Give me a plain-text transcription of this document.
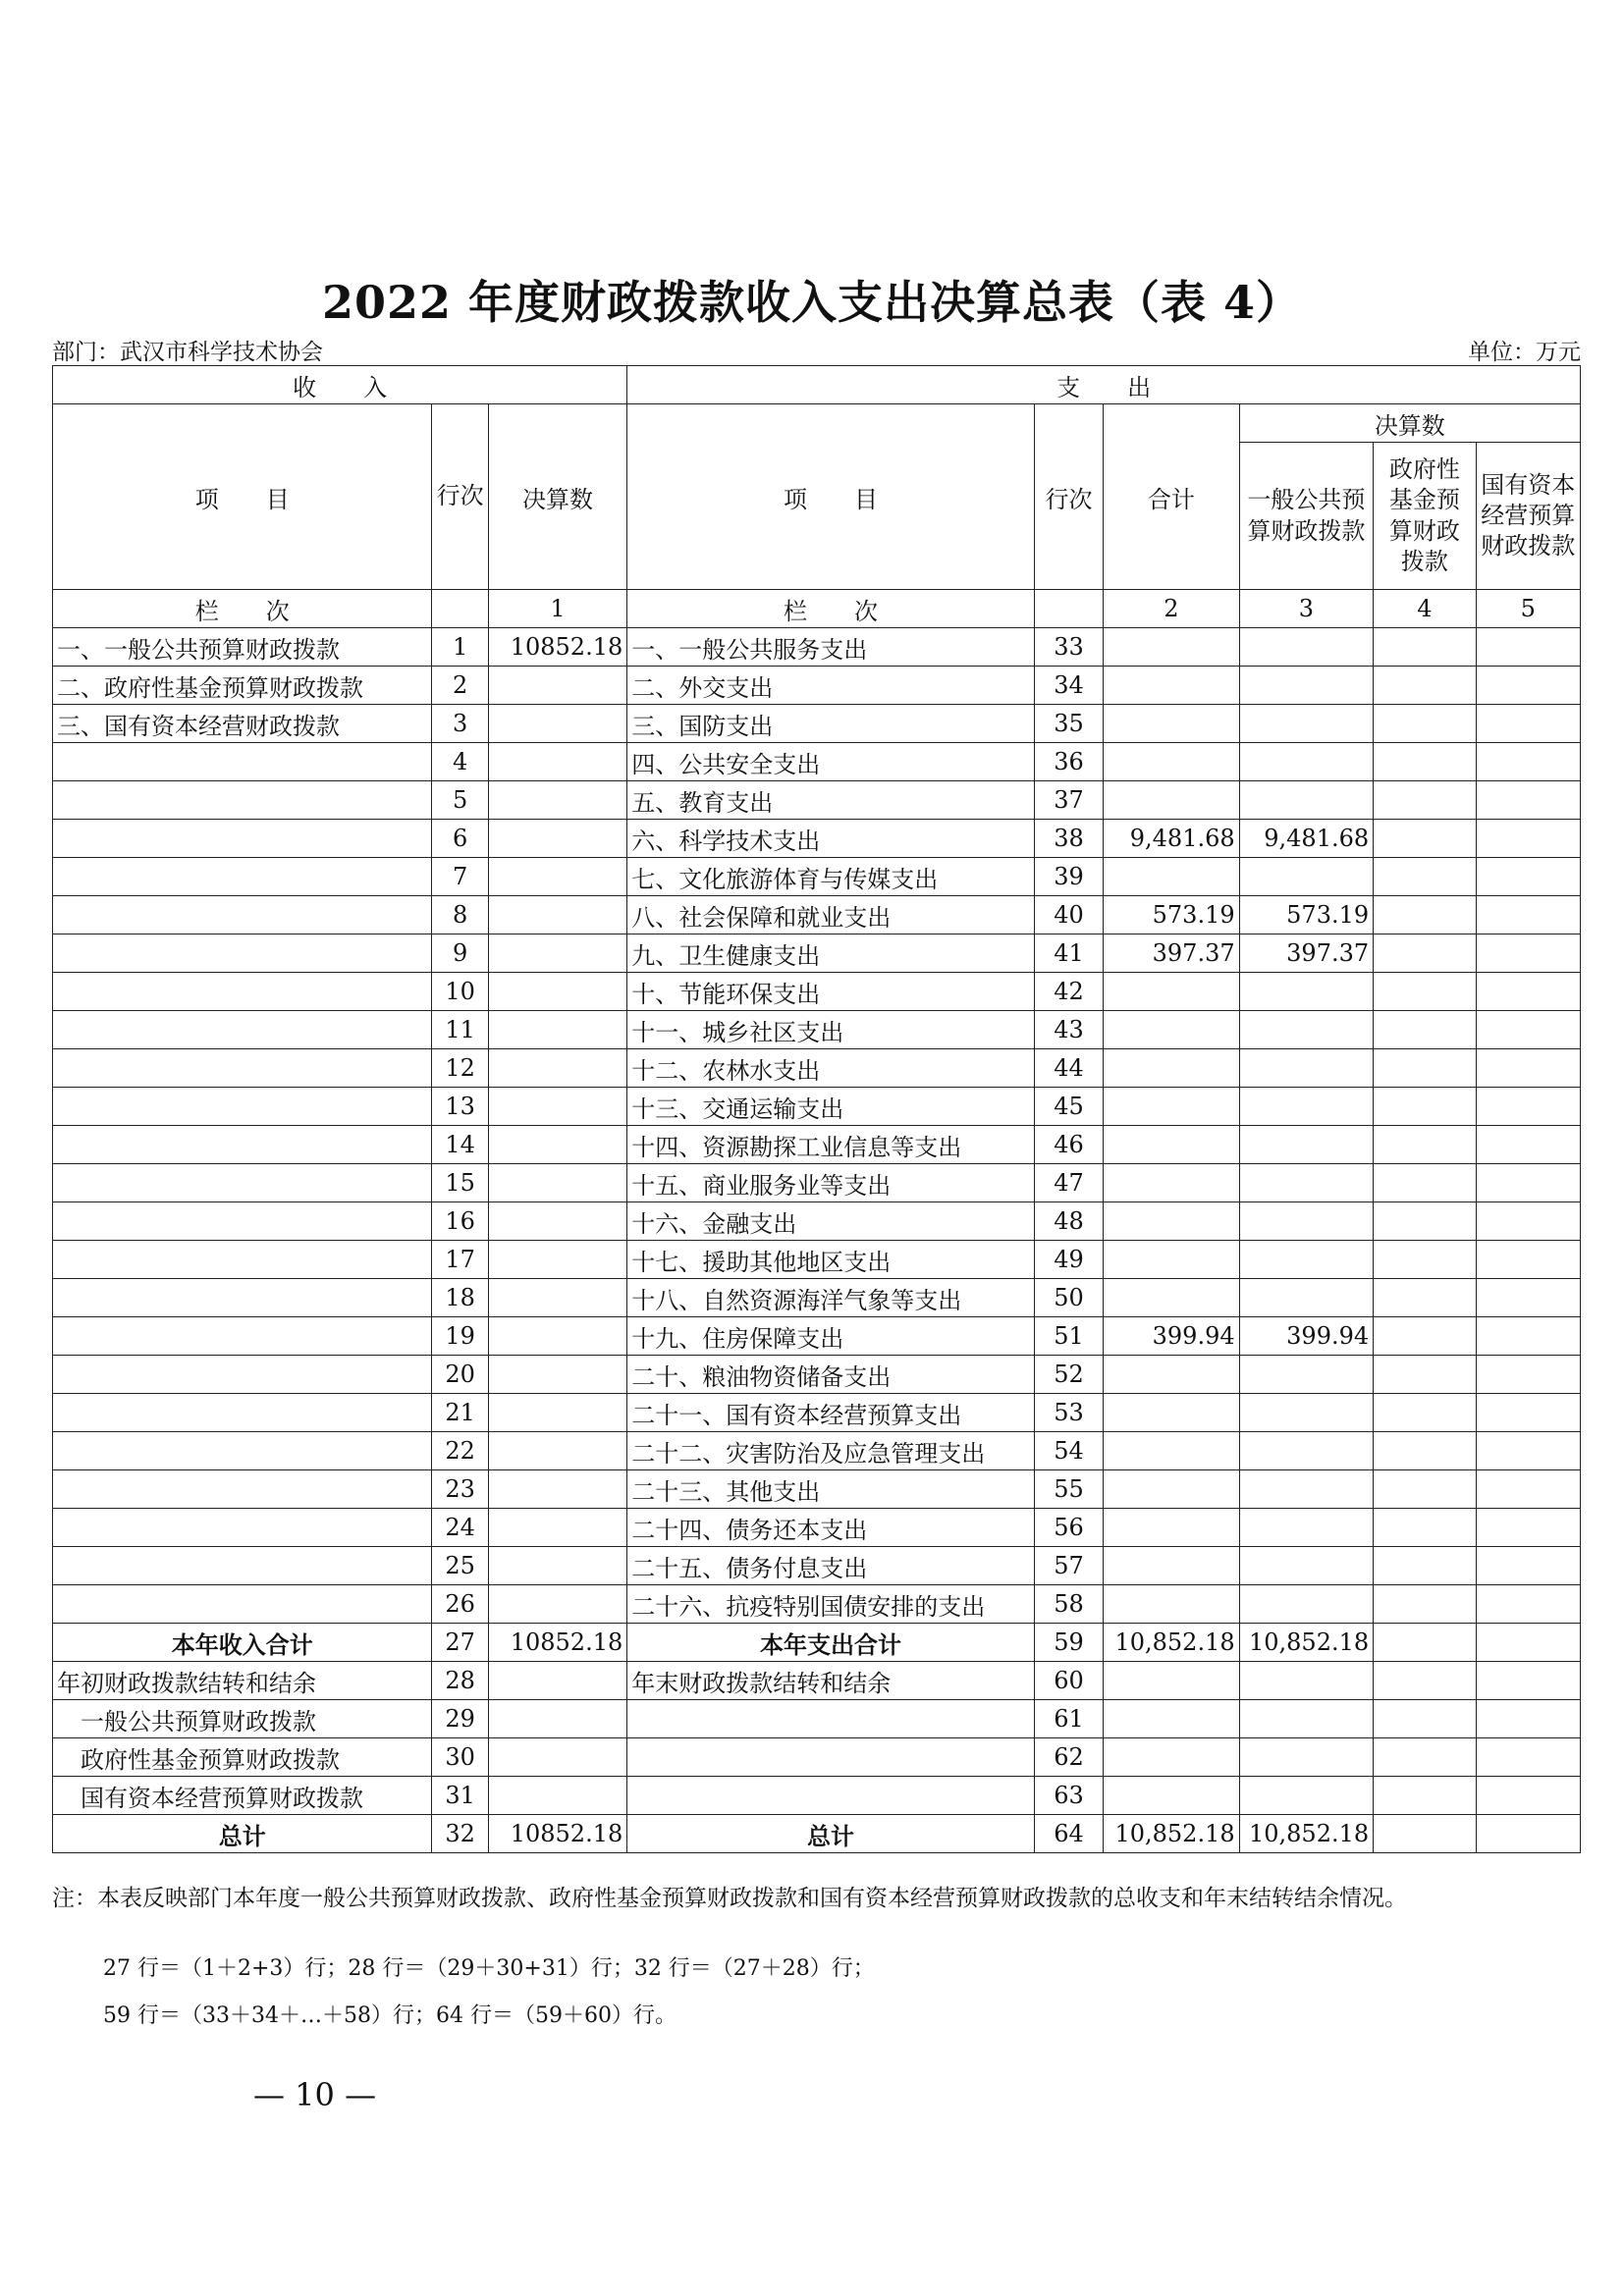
2022 年度财政拨款收入支出决算总表（表 4）
部门：武汉市科学技术协会	单位：万元
收　　入			支　　出					
项　　目	行次	决算数	项　　目	行次	合计	决算数		
						一般公共预算财政拨款	政府性基金预算财政拨款	国有资本经营预算财政拨款
栏　　次		1	栏　　次		2	3	4	5
一、一般公共预算财政拨款	1	10852.18	一、一般公共服务支出	33				
二、政府性基金预算财政拨款	2		二、外交支出	34				
三、国有资本经营财政拨款	3		三、国防支出	35				
	4		四、公共安全支出	36				
	5		五、教育支出	37				
	6		六、科学技术支出	38	9,481.68	9,481.68		
	7		七、文化旅游体育与传媒支出	39				
	8		八、社会保障和就业支出	40	573.19	573.19		
	9		九、卫生健康支出	41	397.37	397.37		
	10		十、节能环保支出	42				
	11		十一、城乡社区支出	43				
	12		十二、农林水支出	44				
	13		十三、交通运输支出	45				
	14		十四、资源勘探工业信息等支出	46				
	15		十五、商业服务业等支出	47				
	16		十六、金融支出	48				
	17		十七、援助其他地区支出	49				
	18		十八、自然资源海洋气象等支出	50				
	19		十九、住房保障支出	51	399.94	399.94		
	20		二十、粮油物资储备支出	52				
	21		二十一、国有资本经营预算支出	53				
	22		二十二、灾害防治及应急管理支出	54				
	23		二十三、其他支出	55				
	24		二十四、债务还本支出	56				
	25		二十五、债务付息支出	57				
	26		二十六、抗疫特别国债安排的支出	58				
本年收入合计	27	10852.18	本年支出合计	59	10,852.18	10,852.18		
年初财政拨款结转和结余	28		年末财政拨款结转和结余	60				
一般公共预算财政拨款	29			61				
政府性基金预算财政拨款	30			62				
国有资本经营预算财政拨款	31			63				
总计	32	10852.18	总计	64	10,852.18	10,852.18		
注：本表反映部门本年度一般公共预算财政拨款、政府性基金预算财政拨款和国有资本经营预算财政拨款的总收支和年末结转结余情况。
27 行＝（1＋2+3）行；28 行＝（29＋30+31）行；32 行＝（27＋28）行；
59 行＝（33＋34＋…＋58）行；64 行＝（59＋60）行。
— 10 —
